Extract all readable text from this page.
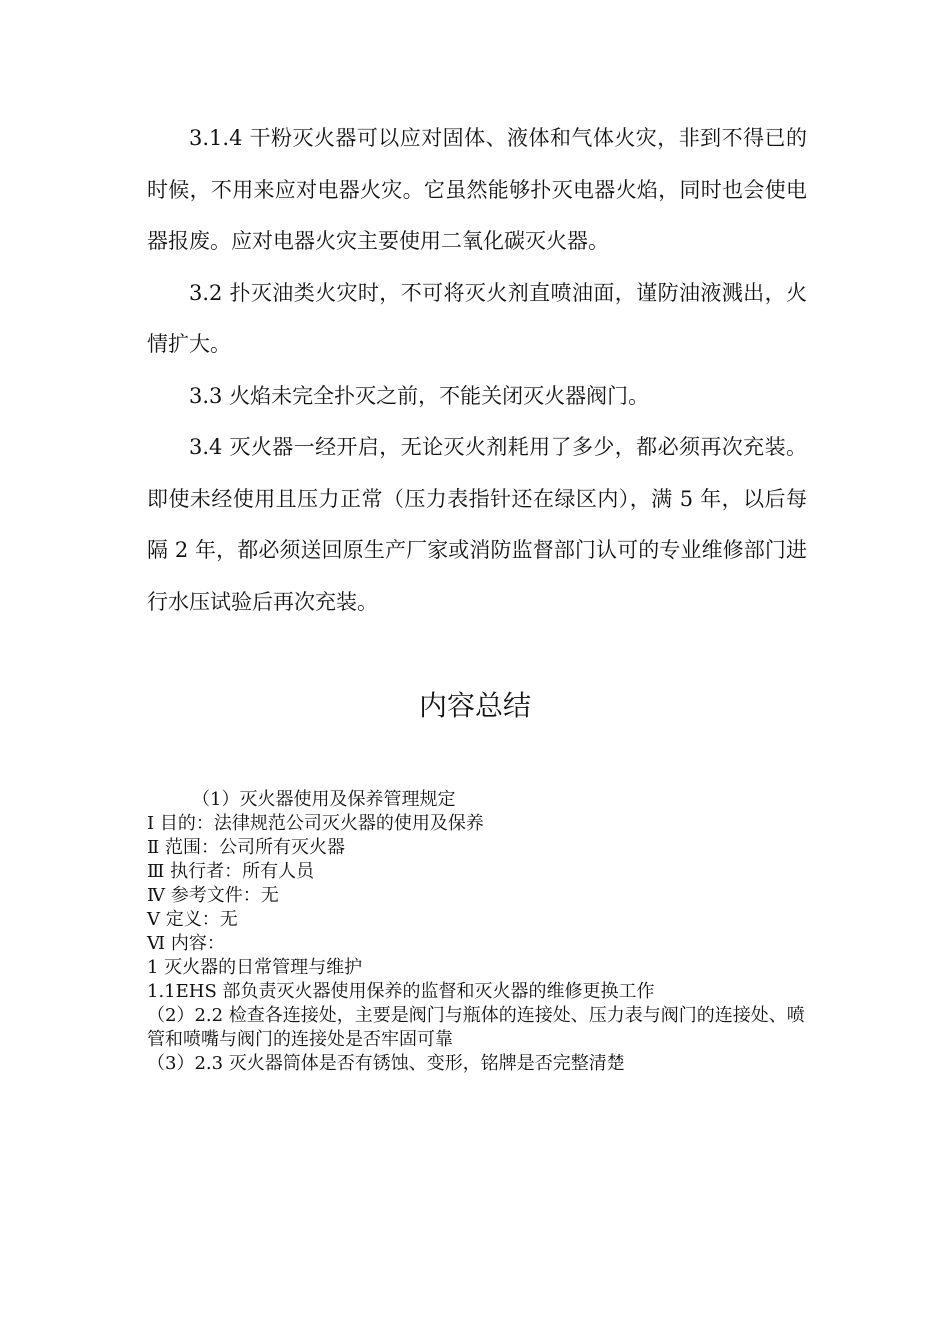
3.1.4 干粉灭火器可以应对固体、液体和气体火灾，非到不得已的时候，不用来应对电器火灾。它虽然能够扑灭电器火焰，同时也会使电器报废。应对电器火灾主要使用二氧化碳灭火器。

3.2 扑灭油类火灾时，不可将灭火剂直喷油面，谨防油液溅出，火情扩大。

3.3 火焰未完全扑灭之前，不能关闭灭火器阀门。

3.4 灭火器一经开启，无论灭火剂耗用了多少，都必须再次充装。即使未经使用且压力正常（压力表指针还在绿区内），满 5 年，以后每隔 2 年，都必须送回原生产厂家或消防监督部门认可的专业维修部门进行水压试验后再次充装。

内容总结
（1）灭火器使用及保养管理规定
Ⅰ 目的：法律规范公司灭火器的使用及保养
Ⅱ 范围：公司所有灭火器
Ⅲ 执行者：所有人员
Ⅳ 参考文件：无
Ⅴ 定义：无
Ⅵ 内容：
1 灭火器的日常管理与维护
1.1EHS 部负责灭火器使用保养的监督和灭火器的维修更换工作
（2）2.2 检查各连接处，主要是阀门与瓶体的连接处、压力表与阀门的连接处、喷管和喷嘴与阀门的连接处是否牢固可靠
（3）2.3 灭火器筒体是否有锈蚀、变形，铭牌是否完整清楚
